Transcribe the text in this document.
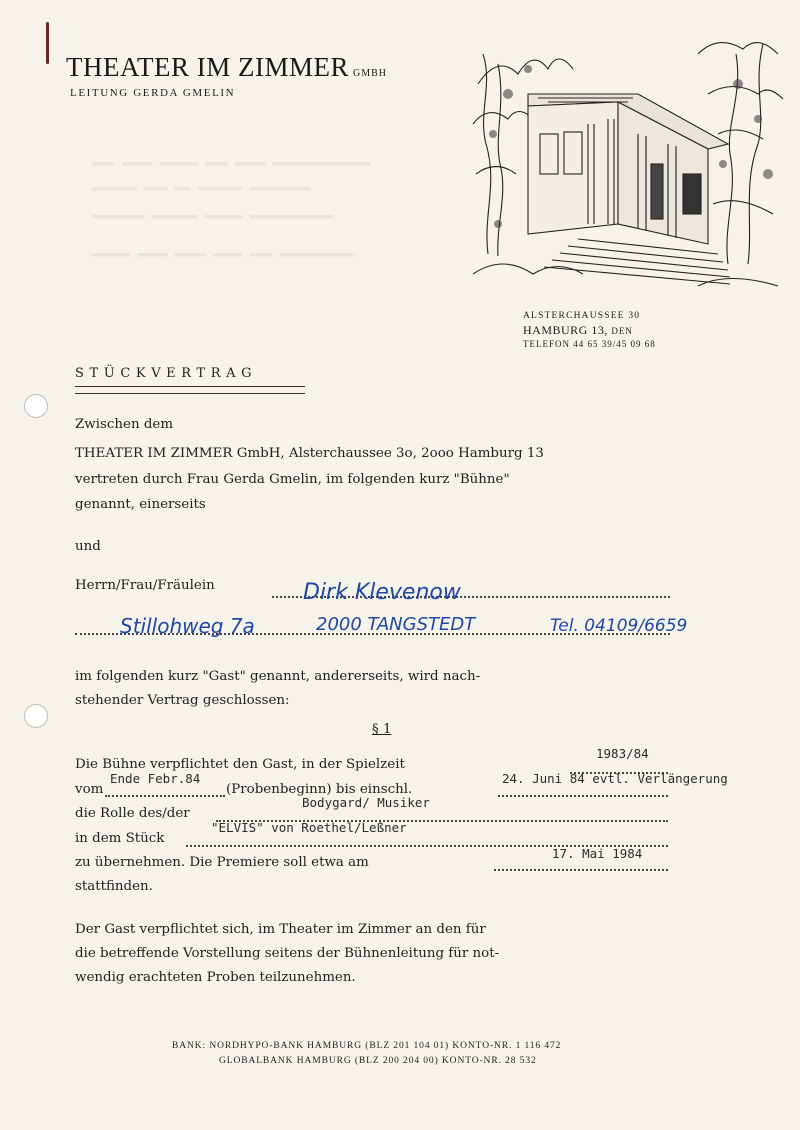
▬▬▬ ▬▬▬▬ ▬▬▬▬▬ ▬▬▬ ▬▬▬▬ ▬▬▬▬▬▬▬▬▬▬▬▬▬
▬▬▬▬▬▬ ▬▬▬ ▬▬ ▬▬▬▬▬▬ ▬▬▬▬▬▬▬▬
▬▬▬▬▬▬▬ ▬▬▬▬▬▬ ▬▬▬▬▬ ▬▬▬▬▬▬▬▬▬▬▬
▬▬▬▬▬ ▬▬▬▬ ▬▬▬▬ ▬▬▬▬ ▬▬▬ ▬▬▬▬▬▬▬▬▬▬
THEATER IM ZIMMER GMBH
LEITUNG GERDA GMELIN
ALSTERCHAUSSEE 30
HAMBURG 13, DEN
TELEFON 44 65 39/45 09 68
STÜCKVERTRAG
Zwischen dem
THEATER IM ZIMMER GmbH, Alsterchaussee 3o, 2ooo Hamburg 13
vertreten durch Frau Gerda Gmelin, im folgenden kurz "Bühne"
genannt, einerseits
und
Herrn/Frau/Fräulein	Dirk Klevenow
Stillohweg 7a	2000 TANGSTEDT	Tel. 04109/6659
im folgenden kurz "Gast" genannt, andererseits, wird nach-
stehender Vertrag geschlossen:
§ 1
1983/84
Die Bühne verpflichtet den Gast, in der Spielzeit
Ende Febr.84	24. Juni 84 evtl. Verlängerung
vom	(Probenbeginn) bis einschl.
Bodygard/ Musiker
die Rolle des/der
"ELVIS" von Roethel/Leßner
in dem Stück
17. Mai 1984
zu übernehmen. Die Premiere soll etwa am
stattfinden.
Der Gast verpflichtet sich, im Theater im Zimmer an den für
die betreffende Vorstellung seitens der Bühnenleitung für not-
wendig erachteten Proben teilzunehmen.
BANK: NORDHYPO-BANK HAMBURG (BLZ 201 104 01) KONTO-NR. 1 116 472
GLOBALBANK HAMBURG (BLZ 200 204 00) KONTO-NR. 28 532
